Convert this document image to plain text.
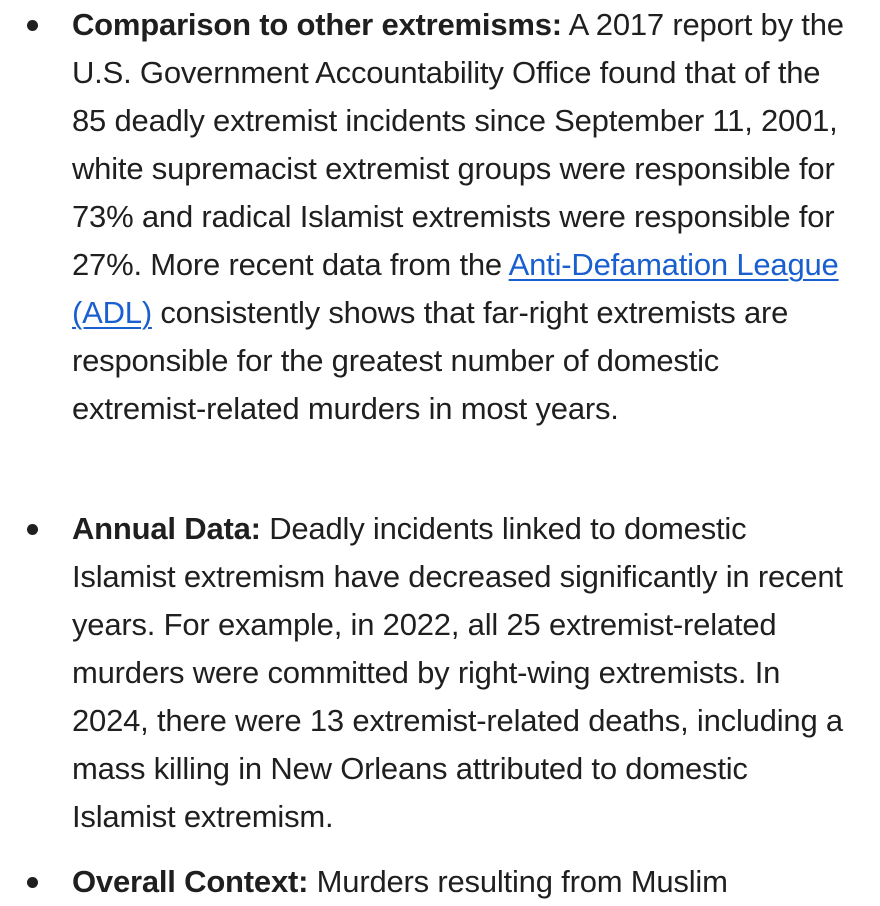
Comparison to other extremisms: A 2017 report by the U.S. Government Accountability Office found that of the 85 deadly extremist incidents since September 11, 2001, white supremacist extremist groups were responsible for 73% and radical Islamist extremists were responsible for 27%. More recent data from the Anti-Defamation League (ADL) consistently shows that far-right extremists are responsible for the greatest number of domestic extremist-related murders in most years.
Annual Data: Deadly incidents linked to domestic Islamist extremism have decreased significantly in recent years. For example, in 2022, all 25 extremist-related murders were committed by right-wing extremists. In 2024, there were 13 extremist-related deaths, including a mass killing in New Orleans attributed to domestic Islamist extremism.
Overall Context: Murders resulting from Muslim
